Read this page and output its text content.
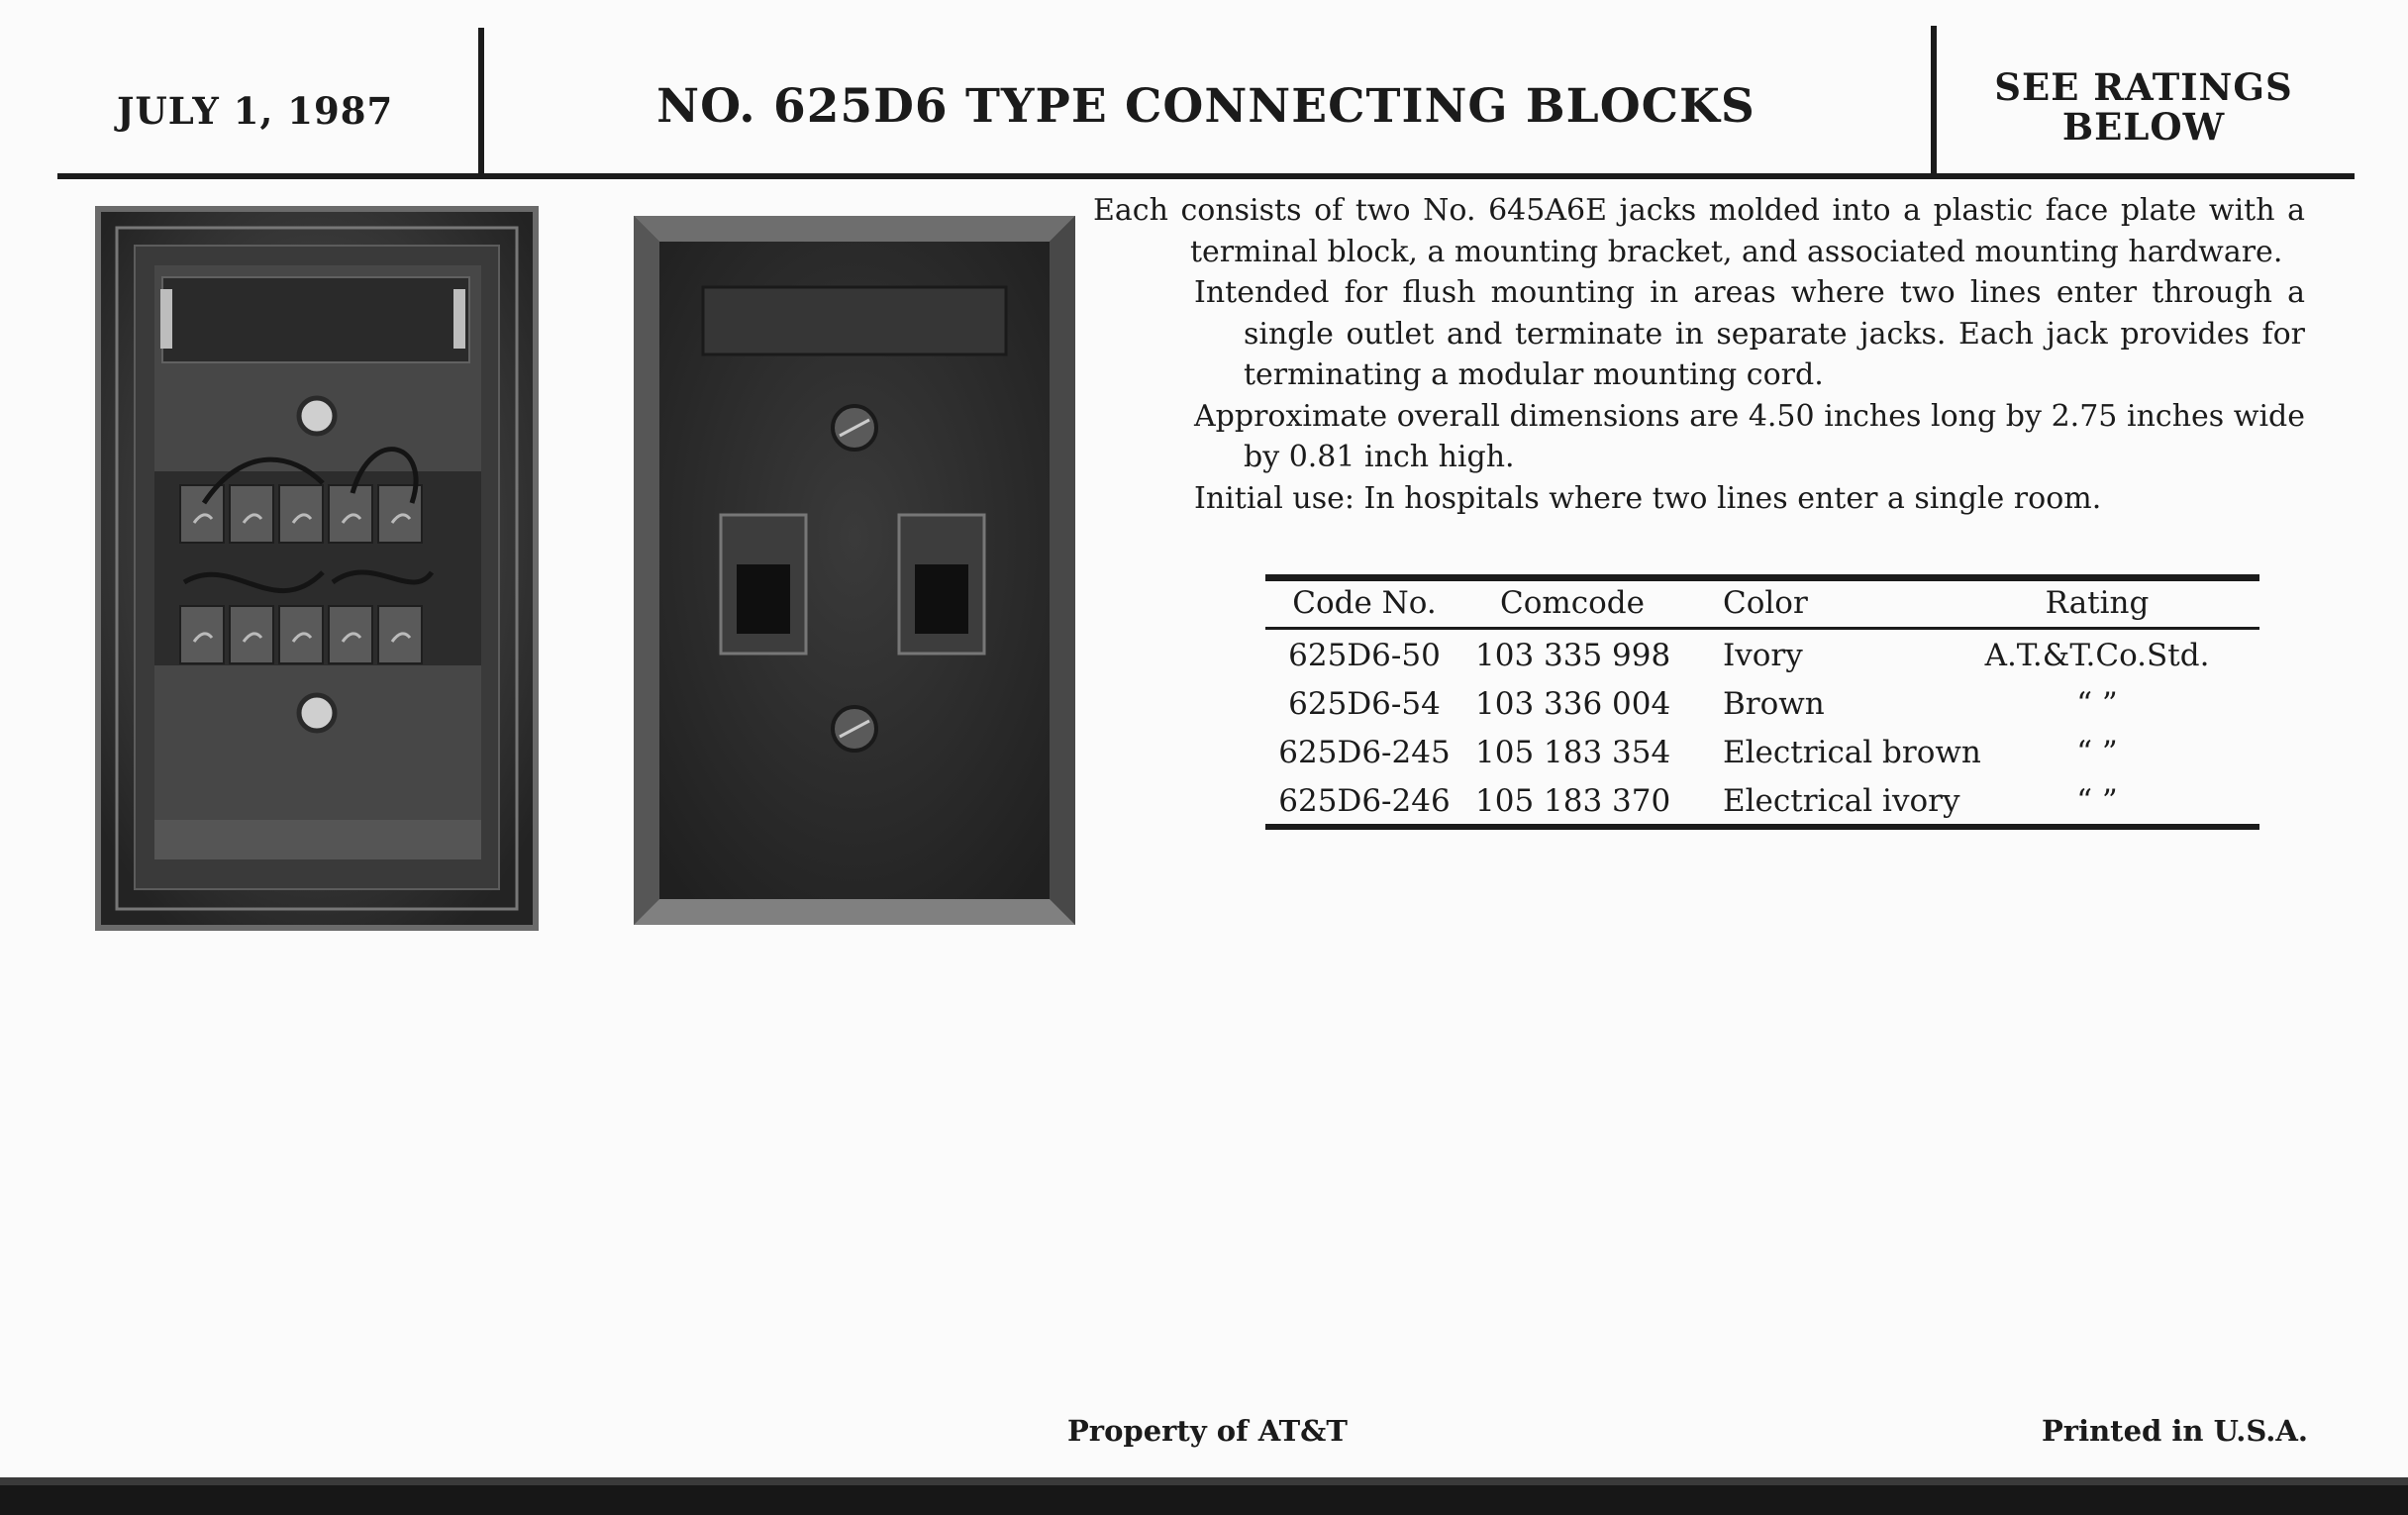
JULY 1, 1987	NO. 625D6 TYPE CONNECTING BLOCKS	SEE RATINGS
BELOW

Each consists of two No. 645A6E jacks molded into a plastic face plate with a terminal block, a mounting bracket, and associated mounting hardware.

Intended for flush mounting in areas where two lines enter through a single outlet and terminate in separate jacks. Each jack provides for terminating a modular mounting cord.

Approximate overall dimensions are 4.50 inches long by 2.75 inches wide by 0.81 inch high.

Initial use: In hospitals where two lines enter a single room.

Code No.	Comcode	Color	Rating
625D6-50	103 335 998 Ivory	A.T.&T.Co.Std.
625D6-54	103 336 004 Brown	“ ”
625D6-245 105 183 354 Electrical brown	“ ”
625D6-246 105 183 370 Electrical ivory	“ ”
Property of AT&T	Printed in U.S.A.
